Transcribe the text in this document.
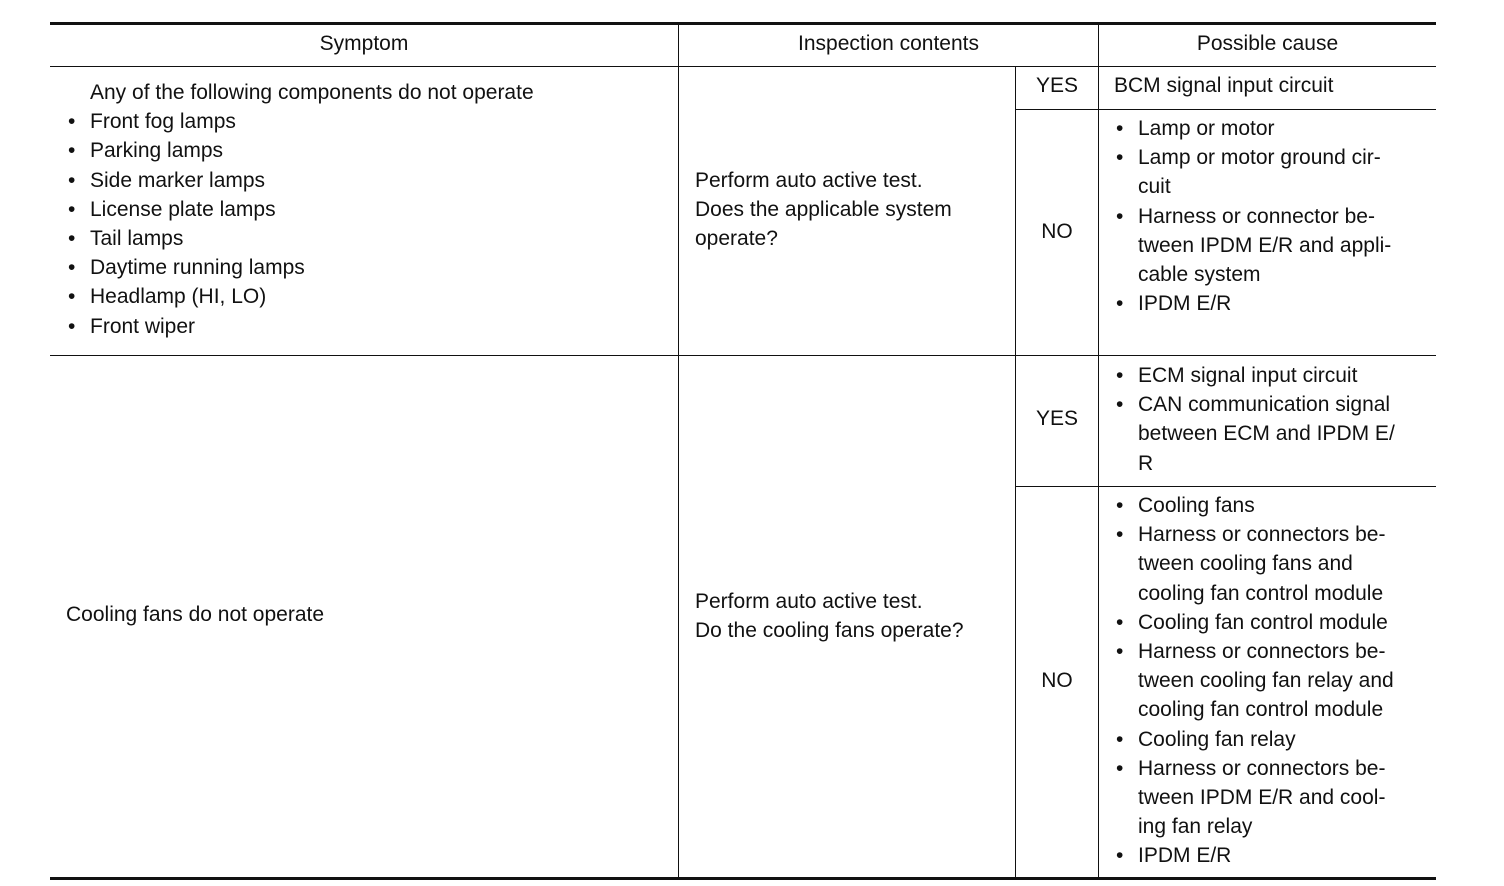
Symptom	Inspection contents	Possible cause
Any of the following components do not operate
• Front fog lamps
• Parking lamps
• Side marker lamps
• License plate lamps
• Tail lamps
• Daytime running lamps
• Headlamp (HI, LO)
• Front wiper
Perform auto active test.
Does the applicable system
operate?
YES
NO
BCM signal input circuit
• Lamp or motor
• Lamp or motor ground cir-
cuit
• Harness or connector be-
tween IPDM E/R and appli-
cable system
• IPDM E/R
Cooling fans do not operate
Perform auto active test.
Do the cooling fans operate?
YES
NO
• ECM signal input circuit
• CAN communication signal
between ECM and IPDM E/
R
• Cooling fans
• Harness or connectors be-
tween cooling fans and
cooling fan control module
• Cooling fan control module
• Harness or connectors be-
tween cooling fan relay and
cooling fan control module
• Cooling fan relay
• Harness or connectors be-
tween IPDM E/R and cool-
ing fan relay
• IPDM E/R
